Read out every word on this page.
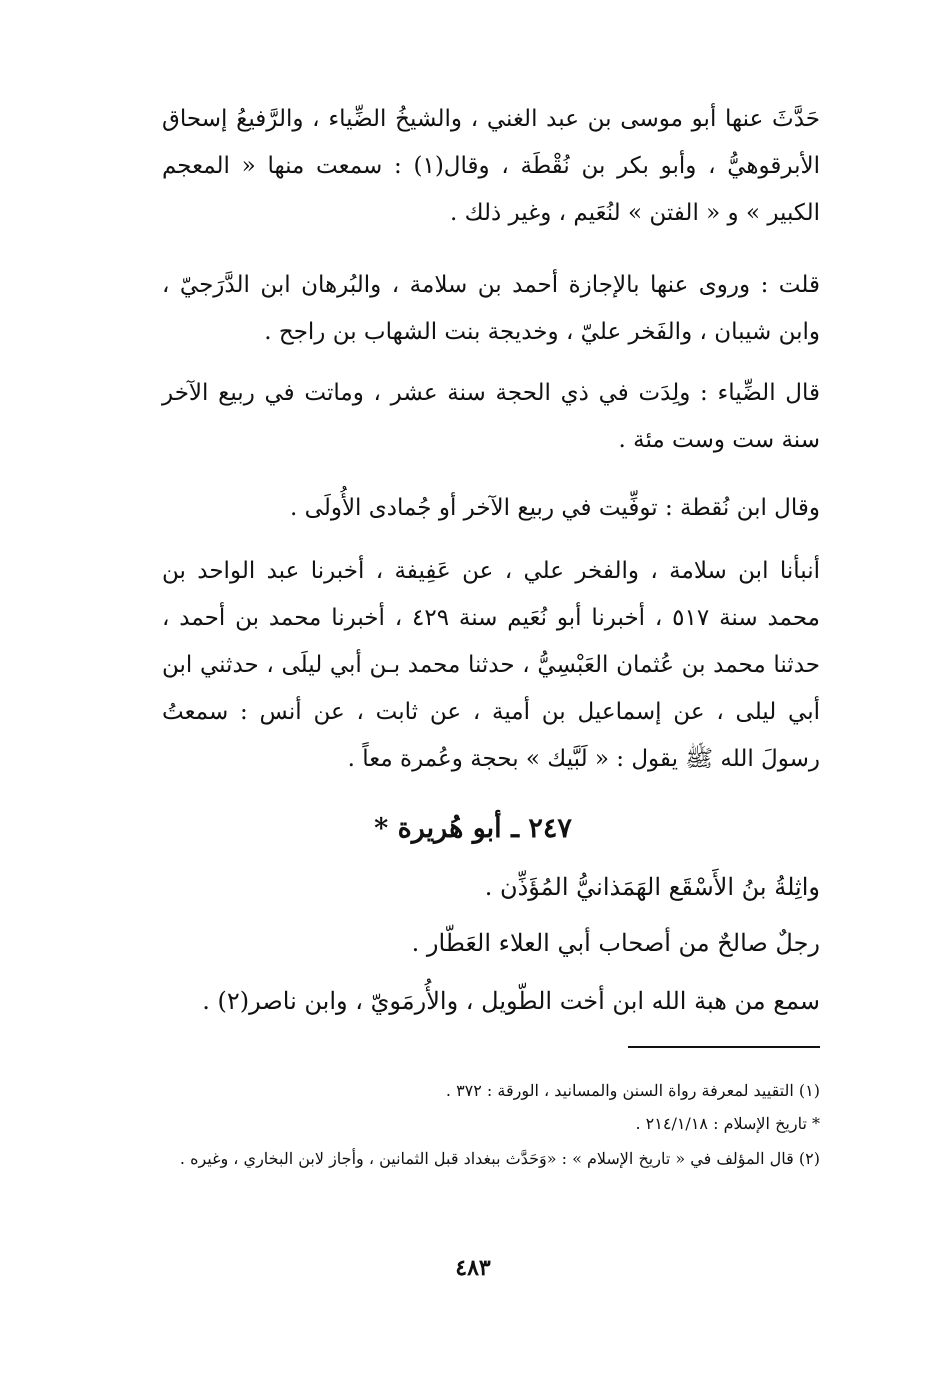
حَدَّثَ عنها أبو موسى بن عبد الغني ، والشيخُ الضِّياء ، والرَّفيعُ إسحاق الأبرقوهيُّ ، وأبو بكر بن نُقْطَة ، وقال(١) : سمعت منها « المعجم الكبير » و « الفتن » لنُعَيم ، وغير ذلك .

قلت : وروى عنها بالإجازة أحمد بن سلامة ، والبُرهان ابن الدَّرَجيّ ، وابن شيبان ، والفَخر عليّ ، وخديجة بنت الشهاب بن راجح .

قال الضِّياء : ولِدَت في ذي الحجة سنة عشر ، وماتت في ربيع الآخر سنة ست وست مئة .

وقال ابن نُقطة : توفِّيت في ربيع الآخر أو جُمادى الأُولَى .

أنبأنا ابن سلامة ، والفخر علي ، عن عَفِيفة ، أخبرنا عبد الواحد بن محمد سنة ٥١٧ ، أخبرنا أبو نُعَيم سنة ٤٢٩ ، أخبرنا محمد بن أحمد ، حدثنا محمد بن عُثمان العَبْسِيُّ ، حدثنا محمد بـن أبي ليلَى ، حدثني ابن أبي ليلى ، عن إسماعيل بن أمية ، عن ثابت ، عن أنس : سمعتُ رسولَ الله ﷺ يقول : « لَبَّيك » بحجة وعُمرة معاً .

٢٤٧ ـ أبو هُريرة *

واثِلةُ بنُ الأَسْقَع الهَمَذانيُّ المُؤَذِّن .

رجلٌ صالحٌ من أصحاب أبي العلاء العَطّار .

سمع من هبة الله ابن أخت الطّويل ، والأُرمَويّ ، وابن ناصر(٢) .

(١) التقييد لمعرفة رواة السنن والمسانيد ، الورقة : ٣٧٢ .

* تاريخ الإسلام : ٢١٤/١/١٨ .

(٢) قال المؤلف في « تاريخ الإسلام » : «وَحَدَّث ببغداد قبل الثمانين ، وأجاز لابن البخاري ، وغيره .

٤٨٣
